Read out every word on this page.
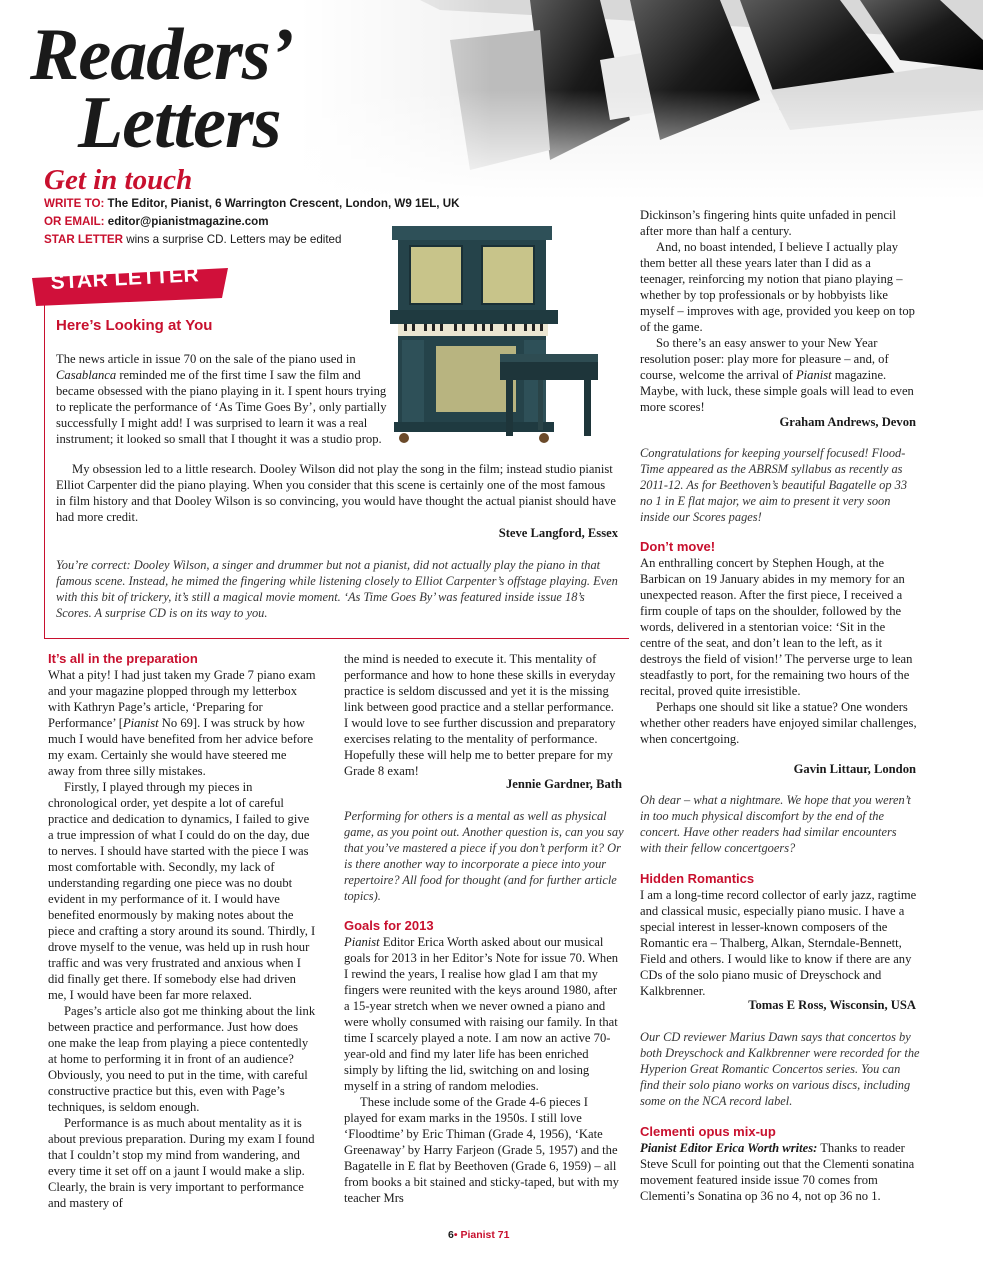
Readers’
Letters
Get in touch
WRITE TO: The Editor, Pianist, 6 Warrington Crescent, London, W9 1EL, UK
OR EMAIL: editor@pianistmagazine.com
STAR LETTER wins a surprise CD. Letters may be edited
STAR LETTER
Here’s Looking at You

The news article in issue 70 on the sale of the piano used in Casablanca reminded me of the first time I saw the film and became obsessed with the piano playing in it. I spent hours trying to replicate the performance of ‘As Time Goes By’, only partially successfully I might add! I was surprised to learn it was a real instrument; it looked so small that I thought it was a studio prop.

My obsession led to a little research. Dooley Wilson did not play the song in the film; instead studio pianist Elliot Carpenter did the piano playing. When you consider that this scene is certainly one of the most famous in film history and that Dooley Wilson is so convincing, you would have thought the actual pianist should have had more credit.

Steve Langford, Essex
You’re correct: Dooley Wilson, a singer and drummer but not a pianist, did not actually play the piano in that famous scene. Instead, he mimed the fingering while listening closely to Elliot Carpenter’s offstage playing. Even with this bit of trickery, it’s still a magical movie moment. ‘As Time Goes By’ was featured inside issue 18’s Scores. A surprise CD is on its way to you.
It’s all in the preparation

What a pity! I had just taken my Grade 7 piano exam and your magazine plopped through my letterbox with Kathryn Page’s article, ‘Preparing for Performance’ [Pianist No 69]. I was struck by how much I would have benefited from her advice before my exam. Certainly she would have steered me away from three silly mistakes.

Firstly, I played through my pieces in chronological order, yet despite a lot of careful practice and dedication to dynamics, I failed to give a true impression of what I could do on the day, due to nerves. I should have started with the piece I was most comfortable with. Secondly, my lack of understanding regarding one piece was no doubt evident in my performance of it. I would have benefited enormously by making notes about the piece and crafting a story around its sound. Thirdly, I drove myself to the venue, was held up in rush hour traffic and was very frustrated and anxious when I did finally get there. If somebody else had driven me, I would have been far more relaxed.

Pages’s article also got me thinking about the link between practice and performance. Just how does one make the leap from playing a piece contentedly at home to performing it in front of an audience? Obviously, you need to put in the time, with careful constructive practice but this, even with Page’s techniques, is seldom enough.

Performance is as much about mentality as it is about previous preparation. During my exam I found that I couldn’t stop my mind from wandering, and every time it set off on a jaunt I would make a slip. Clearly, the brain is very important to performance and mastery of

the mind is needed to execute it. This mentality of performance and how to hone these skills in everyday practice is seldom discussed and yet it is the missing link between good practice and a stellar performance. I would love to see further discussion and preparatory exercises relating to the mentality of performance. Hopefully these will help me to better prepare for my Grade 8 exam!

Jennie Gardner, Bath
Performing for others is a mental as well as physical game, as you point out. Another question is, can you say that you’ve mastered a piece if you don’t perform it? Or is there another way to incorporate a piece into your repertoire? All food for thought (and for further article topics).
Goals for 2013

Pianist Editor Erica Worth asked about our musical goals for 2013 in her Editor’s Note for issue 70. When I rewind the years, I realise how glad I am that my fingers were reunited with the keys around 1980, after a 15-year stretch when we never owned a piano and were wholly consumed with raising our family. In that time I scarcely played a note. I am now an active 70-year-old and find my later life has been enriched simply by lifting the lid, switching on and losing myself in a string of random melodies.

These include some of the Grade 4-6 pieces I played for exam marks in the 1950s. I still love ‘Floodtime’ by Eric Thiman (Grade 4, 1956), ‘Kate Greenaway’ by Harry Farjeon (Grade 5, 1957) and the Bagatelle in E flat by Beethoven (Grade 6, 1959) – all from books a bit stained and sticky-taped, but with my teacher Mrs

Dickinson’s fingering hints quite unfaded in pencil after more than half a century.

And, no boast intended, I believe I actually play them better all these years later than I did as a teenager, reinforcing my notion that piano playing – whether by top professionals or by hobbyists like myself – improves with age, provided you keep on top of the game.

So there’s an easy answer to your New Year resolution poser: play more for pleasure – and, of course, welcome the arrival of Pianist magazine. Maybe, with luck, these simple goals will lead to even more scores!

Graham Andrews, Devon
Congratulations for keeping yourself focused! Flood-Time appeared as the ABRSM syllabus as recently as 2011-12. As for Beethoven’s beautiful Bagatelle op 33 no 1 in E flat major, we aim to present it very soon inside our Scores pages!
Don’t move!

An enthralling concert by Stephen Hough, at the Barbican on 19 January abides in my memory for an unexpected reason. After the first piece, I received a firm couple of taps on the shoulder, followed by the words, delivered in a stentorian voice: ‘Sit in the centre of the seat, and don’t lean to the left, as it destroys the field of vision!’ The perverse urge to lean steadfastly to port, for the remaining two hours of the recital, proved quite irresistible.

Perhaps one should sit like a statue? One wonders whether other readers have enjoyed similar challenges, when concertgoing.

Gavin Littaur, London
Oh dear – what a nightmare. We hope that you weren’t in too much physical discomfort by the end of the concert. Have other readers had similar encounters with their fellow concertgoers?
Hidden Romantics

I am a long-time record collector of early jazz, ragtime and classical music, especially piano music. I have a special interest in lesser-known composers of the Romantic era – Thalberg, Alkan, Sterndale-Bennett, Field and others. I would like to know if there are any CDs of the solo piano music of Dreyschock and Kalkbrenner.

Tomas E Ross, Wisconsin, USA
Our CD reviewer Marius Dawn says that concertos by both Dreyschock and Kalkbrenner were recorded for the Hyperion Great Romantic Concertos series. You can find their solo piano works on various discs, including some on the NCA record label.
Clementi opus mix-up

Pianist Editor Erica Worth writes: Thanks to reader Steve Scull for pointing out that the Clementi sonatina movement featured inside issue 70 comes from Clementi’s Sonatina op 36 no 4, not op 36 no 1.

6• Pianist 71
